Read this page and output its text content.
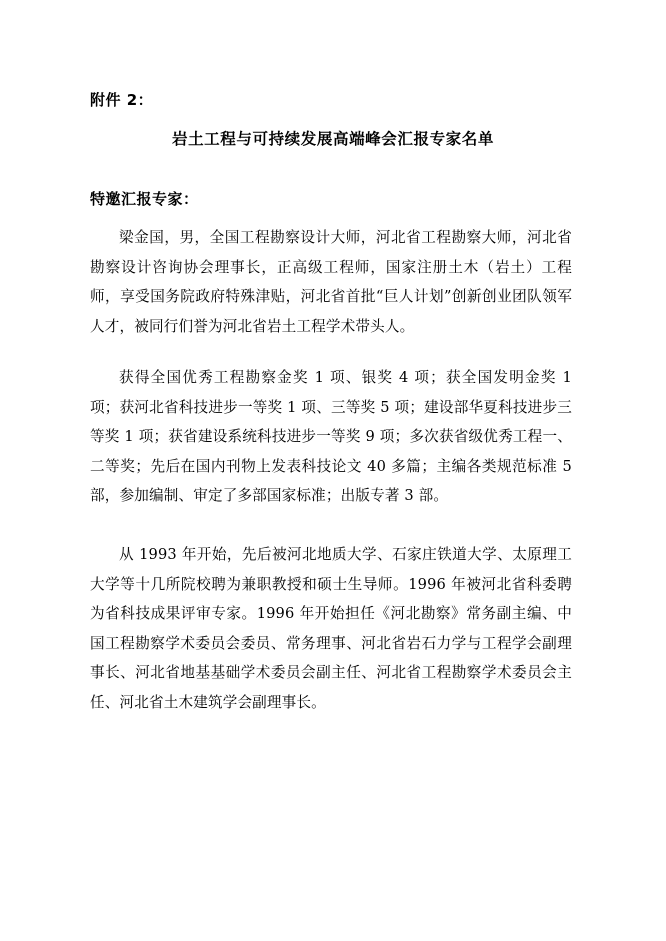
附件 2：
岩土工程与可持续发展高端峰会汇报专家名单
特邀汇报专家：

梁金国，男，全国工程勘察设计大师，河北省工程勘察大师，河北省勘察设计咨询协会理事长，正高级工程师，国家注册土木（岩土）工程师，享受国务院政府特殊津贴，河北省首批“巨人计划”创新创业团队领军人才，被同行们誉为河北省岩土工程学术带头人。

获得全国优秀工程勘察金奖 1 项、银奖 4 项；获全国发明金奖 1 项；获河北省科技进步一等奖 1 项、三等奖 5 项；建设部华夏科技进步三等奖 1 项；获省建设系统科技进步一等奖 9 项；多次获省级优秀工程一、二等奖；先后在国内刊物上发表科技论文 40 多篇；主编各类规范标准 5 部，参加编制、审定了多部国家标准；出版专著 3 部。

从 1993 年开始，先后被河北地质大学、石家庄铁道大学、太原理工大学等十几所院校聘为兼职教授和硕士生导师。1996 年被河北省科委聘为省科技成果评审专家。1996 年开始担任《河北勘察》常务副主编、中国工程勘察学术委员会委员、常务理事、河北省岩石力学与工程学会副理事长、河北省地基基础学术委员会副主任、河北省工程勘察学术委员会主任、河北省土木建筑学会副理事长。
